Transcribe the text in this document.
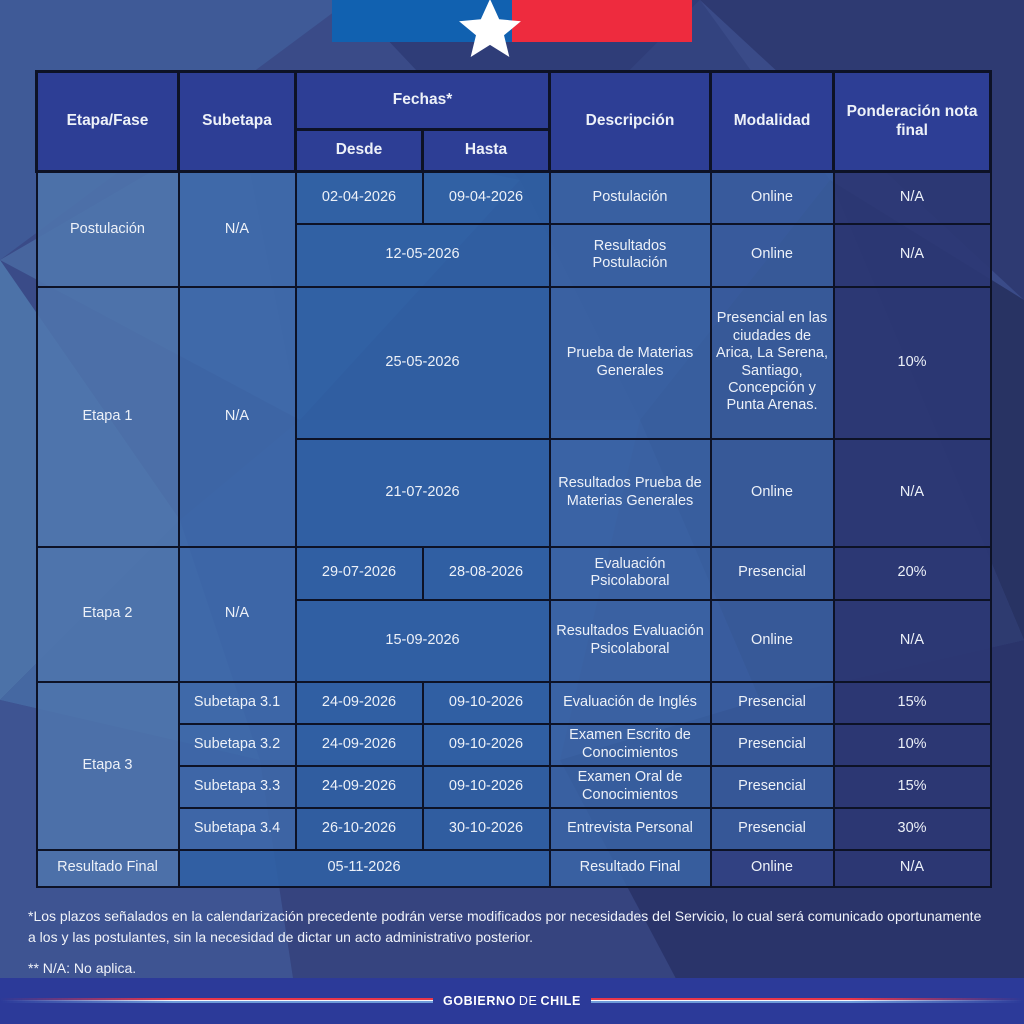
Etapa/Fase	Subetapa	Fechas*		Descripción	Modalidad	Ponderación nota final
		Desde	Hasta			
Postulación	N/A	02-04-2026	09-04-2026	Postulación	Online	N/A
		12-05-2026		Resultados Postulación	Online	N/A
Etapa 1	N/A	25-05-2026		Prueba de Materias Generales	Presencial en las ciudades de Arica, La Serena, Santiago, Concepción y Punta Arenas.	10%
		21-07-2026		Resultados Prueba de Materias Generales	Online	N/A
Etapa 2	N/A	29-07-2026	28-08-2026	Evaluación Psicolaboral	Presencial	20%
		15-09-2026		Resultados Evaluación Psicolaboral	Online	N/A
Etapa 3	Subetapa 3.1	24-09-2026	09-10-2026	Evaluación de Inglés	Presencial	15%
	Subetapa 3.2	24-09-2026	09-10-2026	Examen Escrito de Conocimientos	Presencial	10%
	Subetapa 3.3	24-09-2026	09-10-2026	Examen Oral de Conocimientos	Presencial	15%
	Subetapa 3.4	26-10-2026	30-10-2026	Entrevista Personal	Presencial	30%
Resultado Final	05-11-2026			Resultado Final	Online	N/A

*Los plazos señalados en la calendarización precedente podrán verse modificados por necesidades del Servicio, lo cual será comunicado oportunamente a los y las postulantes, sin la necesidad de dictar un acto administrativo posterior.

** N/A: No aplica.

GOBIERNO DE CHILE
